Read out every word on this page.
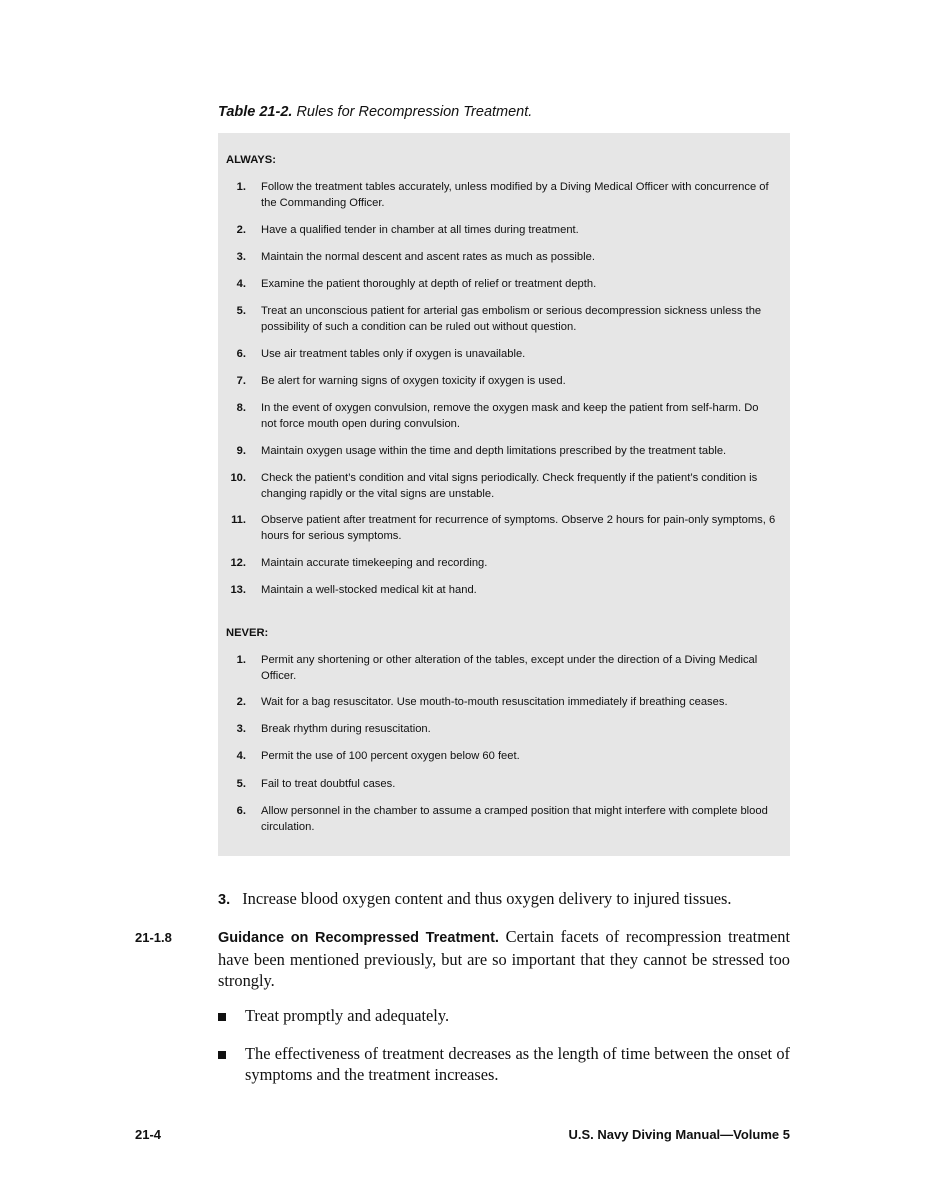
Table 21-2. Rules for Recompression Treatment.
ALWAYS:
1. Follow the treatment tables accurately, unless modified by a Diving Medical Officer with concurrence of the Commanding Officer.
2. Have a qualified tender in chamber at all times during treatment.
3. Maintain the normal descent and ascent rates as much as possible.
4. Examine the patient thoroughly at depth of relief or treatment depth.
5. Treat an unconscious patient for arterial gas embolism or serious decompression sickness unless the possibility of such a condition can be ruled out without question.
6. Use air treatment tables only if oxygen is unavailable.
7. Be alert for warning signs of oxygen toxicity if oxygen is used.
8. In the event of oxygen convulsion, remove the oxygen mask and keep the patient from self-harm. Do not force mouth open during convulsion.
9. Maintain oxygen usage within the time and depth limitations prescribed by the treatment table.
10. Check the patient’s condition and vital signs periodically. Check frequently if the patient’s condition is changing rapidly or the vital signs are unstable.
11. Observe patient after treatment for recurrence of symptoms. Observe 2 hours for pain-only symptoms, 6 hours for serious symptoms.
12. Maintain accurate timekeeping and recording.
13. Maintain a well-stocked medical kit at hand.
NEVER:
1. Permit any shortening or other alteration of the tables, except under the direction of a Diving Medical Officer.
2. Wait for a bag resuscitator. Use mouth-to-mouth resuscitation immediately if breathing ceases.
3. Break rhythm during resuscitation.
4. Permit the use of 100 percent oxygen below 60 feet.
5. Fail to treat doubtful cases.
6. Allow personnel in the chamber to assume a cramped position that might interfere with complete blood circulation.
3. Increase blood oxygen content and thus oxygen delivery to injured tissues.
21-1.8	Guidance on Recompressed Treatment. Certain facets of recompression treatment have been mentioned previously, but are so important that they cannot be stressed too strongly.
Treat promptly and adequately.
The effectiveness of treatment decreases as the length of time between the onset of symptoms and the treatment increases.
21-4	U.S. Navy Diving Manual—Volume 5
